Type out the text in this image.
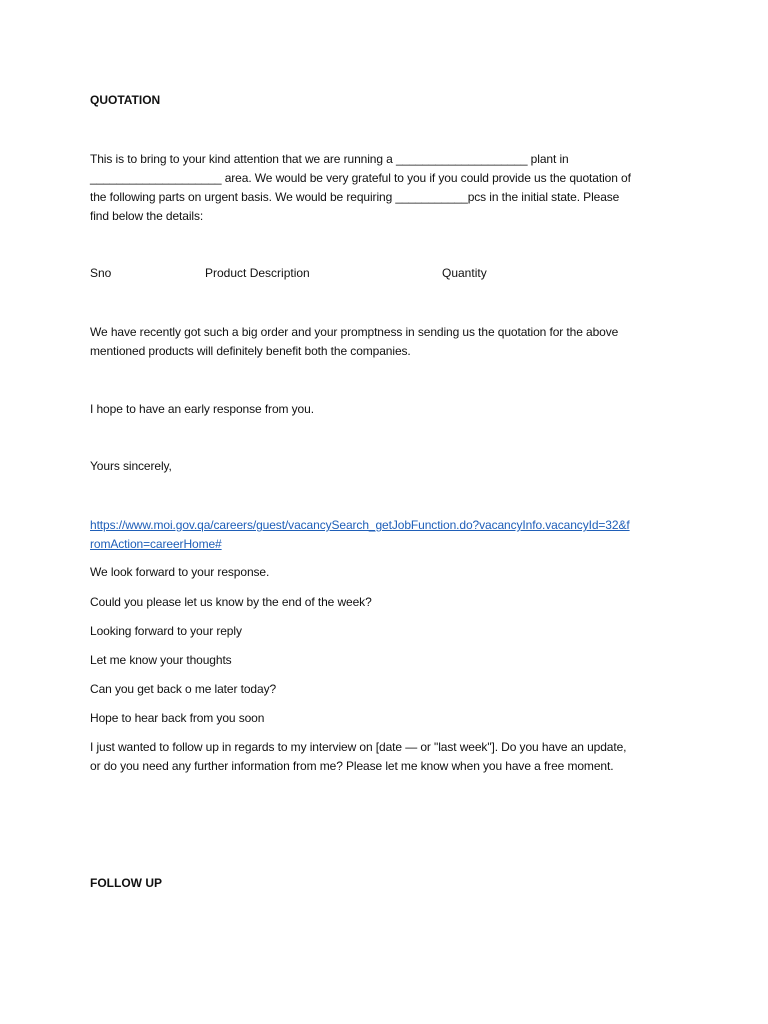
QUOTATION
This is to bring to your kind attention that we are running a ____________________ plant in
____________________ area. We would be very grateful to you if you could provide us the quotation of
the following parts on urgent basis. We would be requiring ___________pcs in the initial state. Please
find below the details:
Sno	Product Description	Quantity
We have recently got such a big order and your promptness in sending us the quotation for the above
mentioned products will definitely benefit both the companies.
I hope to have an early response from you.
Yours sincerely,
https://www.moi.gov.qa/careers/guest/vacancySearch_getJobFunction.do?vacancyInfo.vacancyId=32&f
romAction=careerHome#
We look forward to your response.
Could you please let us know by the end of the week?
Looking forward to your reply
Let me know your thoughts
Can you get back o me later today?
Hope to hear back from you soon
I just wanted to follow up in regards to my interview on [date — or "last week"]. Do you have an update,
or do you need any further information from me? Please let me know when you have a free moment.
FOLLOW UP
